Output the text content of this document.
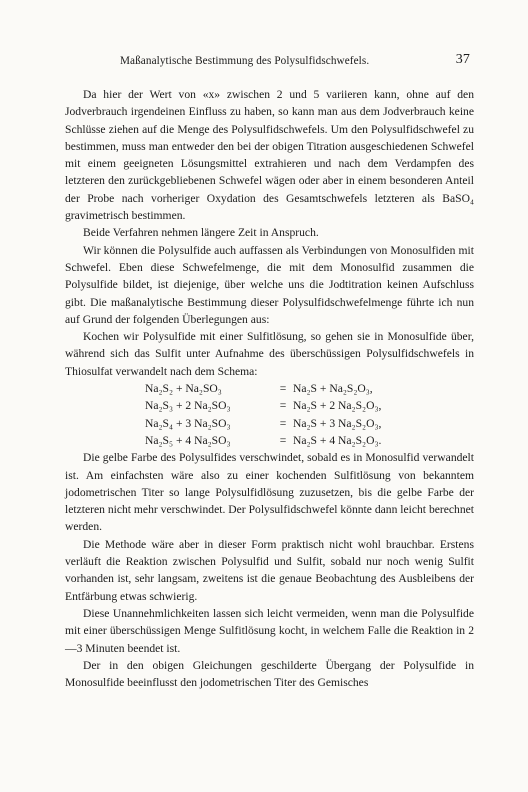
Maßanalytische Bestimmung des Polysulfidschwefels.	37

Da hier der Wert von «x» zwischen 2 und 5 variieren kann, ohne auf den Jodverbrauch irgendeinen Einfluss zu haben, so kann man aus dem Jodverbrauch keine Schlüsse ziehen auf die Menge des Polysulfidschwefels. Um den Polysulfidschwefel zu bestimmen, muss man entweder den bei der obigen Titration ausgeschiedenen Schwefel mit einem geeigneten Lösungsmittel extrahieren und nach dem Verdampfen des letzteren den zurückgebliebenen Schwefel wägen oder aber in einem besonderen Anteil der Probe nach vorheriger Oxydation des Gesamtschwefels letzteren als BaSO₄ gravimetrisch bestimmen.

Beide Verfahren nehmen längere Zeit in Anspruch.

Wir können die Polysulfide auch auffassen als Verbindungen von Monosulfiden mit Schwefel. Eben diese Schwefelmenge, die mit dem Monosulfid zusammen die Polysulfide bildet, ist diejenige, über welche uns die Jodtitration keinen Aufschluss gibt. Die maßanalytische Bestimmung dieser Polysulfidschwefelmenge führte ich nun auf Grund der folgenden Überlegungen aus:

Kochen wir Polysulfide mit einer Sulfitlösung, so gehen sie in Monosulfide über, während sich das Sulfit unter Aufnahme des überschüssigen Polysulfidschwefels in Thiosulfat verwandelt nach dem Schema:

Na₂S₂ + Na₂SO₃	= Na₂S + Na₂S₂O₃,
Na₂S₃ + 2 Na₂SO₃	= Na₂S + 2 Na₂S₂O₃,
Na₂S₄ + 3 Na₂SO₃	= Na₂S + 3 Na₂S₂O₃,
Na₂S₅ + 4 Na₂SO₃	= Na₂S + 4 Na₂S₂O₃.

Die gelbe Farbe des Polysulfides verschwindet, sobald es in Monosulfid verwandelt ist. Am einfachsten wäre also zu einer kochenden Sulfitlösung von bekanntem jodometrischen Titer so lange Polysulfidlösung zuzusetzen, bis die gelbe Farbe der letzteren nicht mehr verschwindet. Der Polysulfidschwefel könnte dann leicht berechnet werden.

Die Methode wäre aber in dieser Form praktisch nicht wohl brauchbar. Erstens verläuft die Reaktion zwischen Polysulfid und Sulfit, sobald nur noch wenig Sulfit vorhanden ist, sehr langsam, zweitens ist die genaue Beobachtung des Ausbleibens der Entfärbung etwas schwierig.

Diese Unannehmlichkeiten lassen sich leicht vermeiden, wenn man die Polysulfide mit einer überschüssigen Menge Sulfitlösung kocht, in welchem Falle die Reaktion in 2—3 Minuten beendet ist.

Der in den obigen Gleichungen geschilderte Übergang der Polysulfide in Monosulfide beeinflusst den jodometrischen Titer des Gemisches
